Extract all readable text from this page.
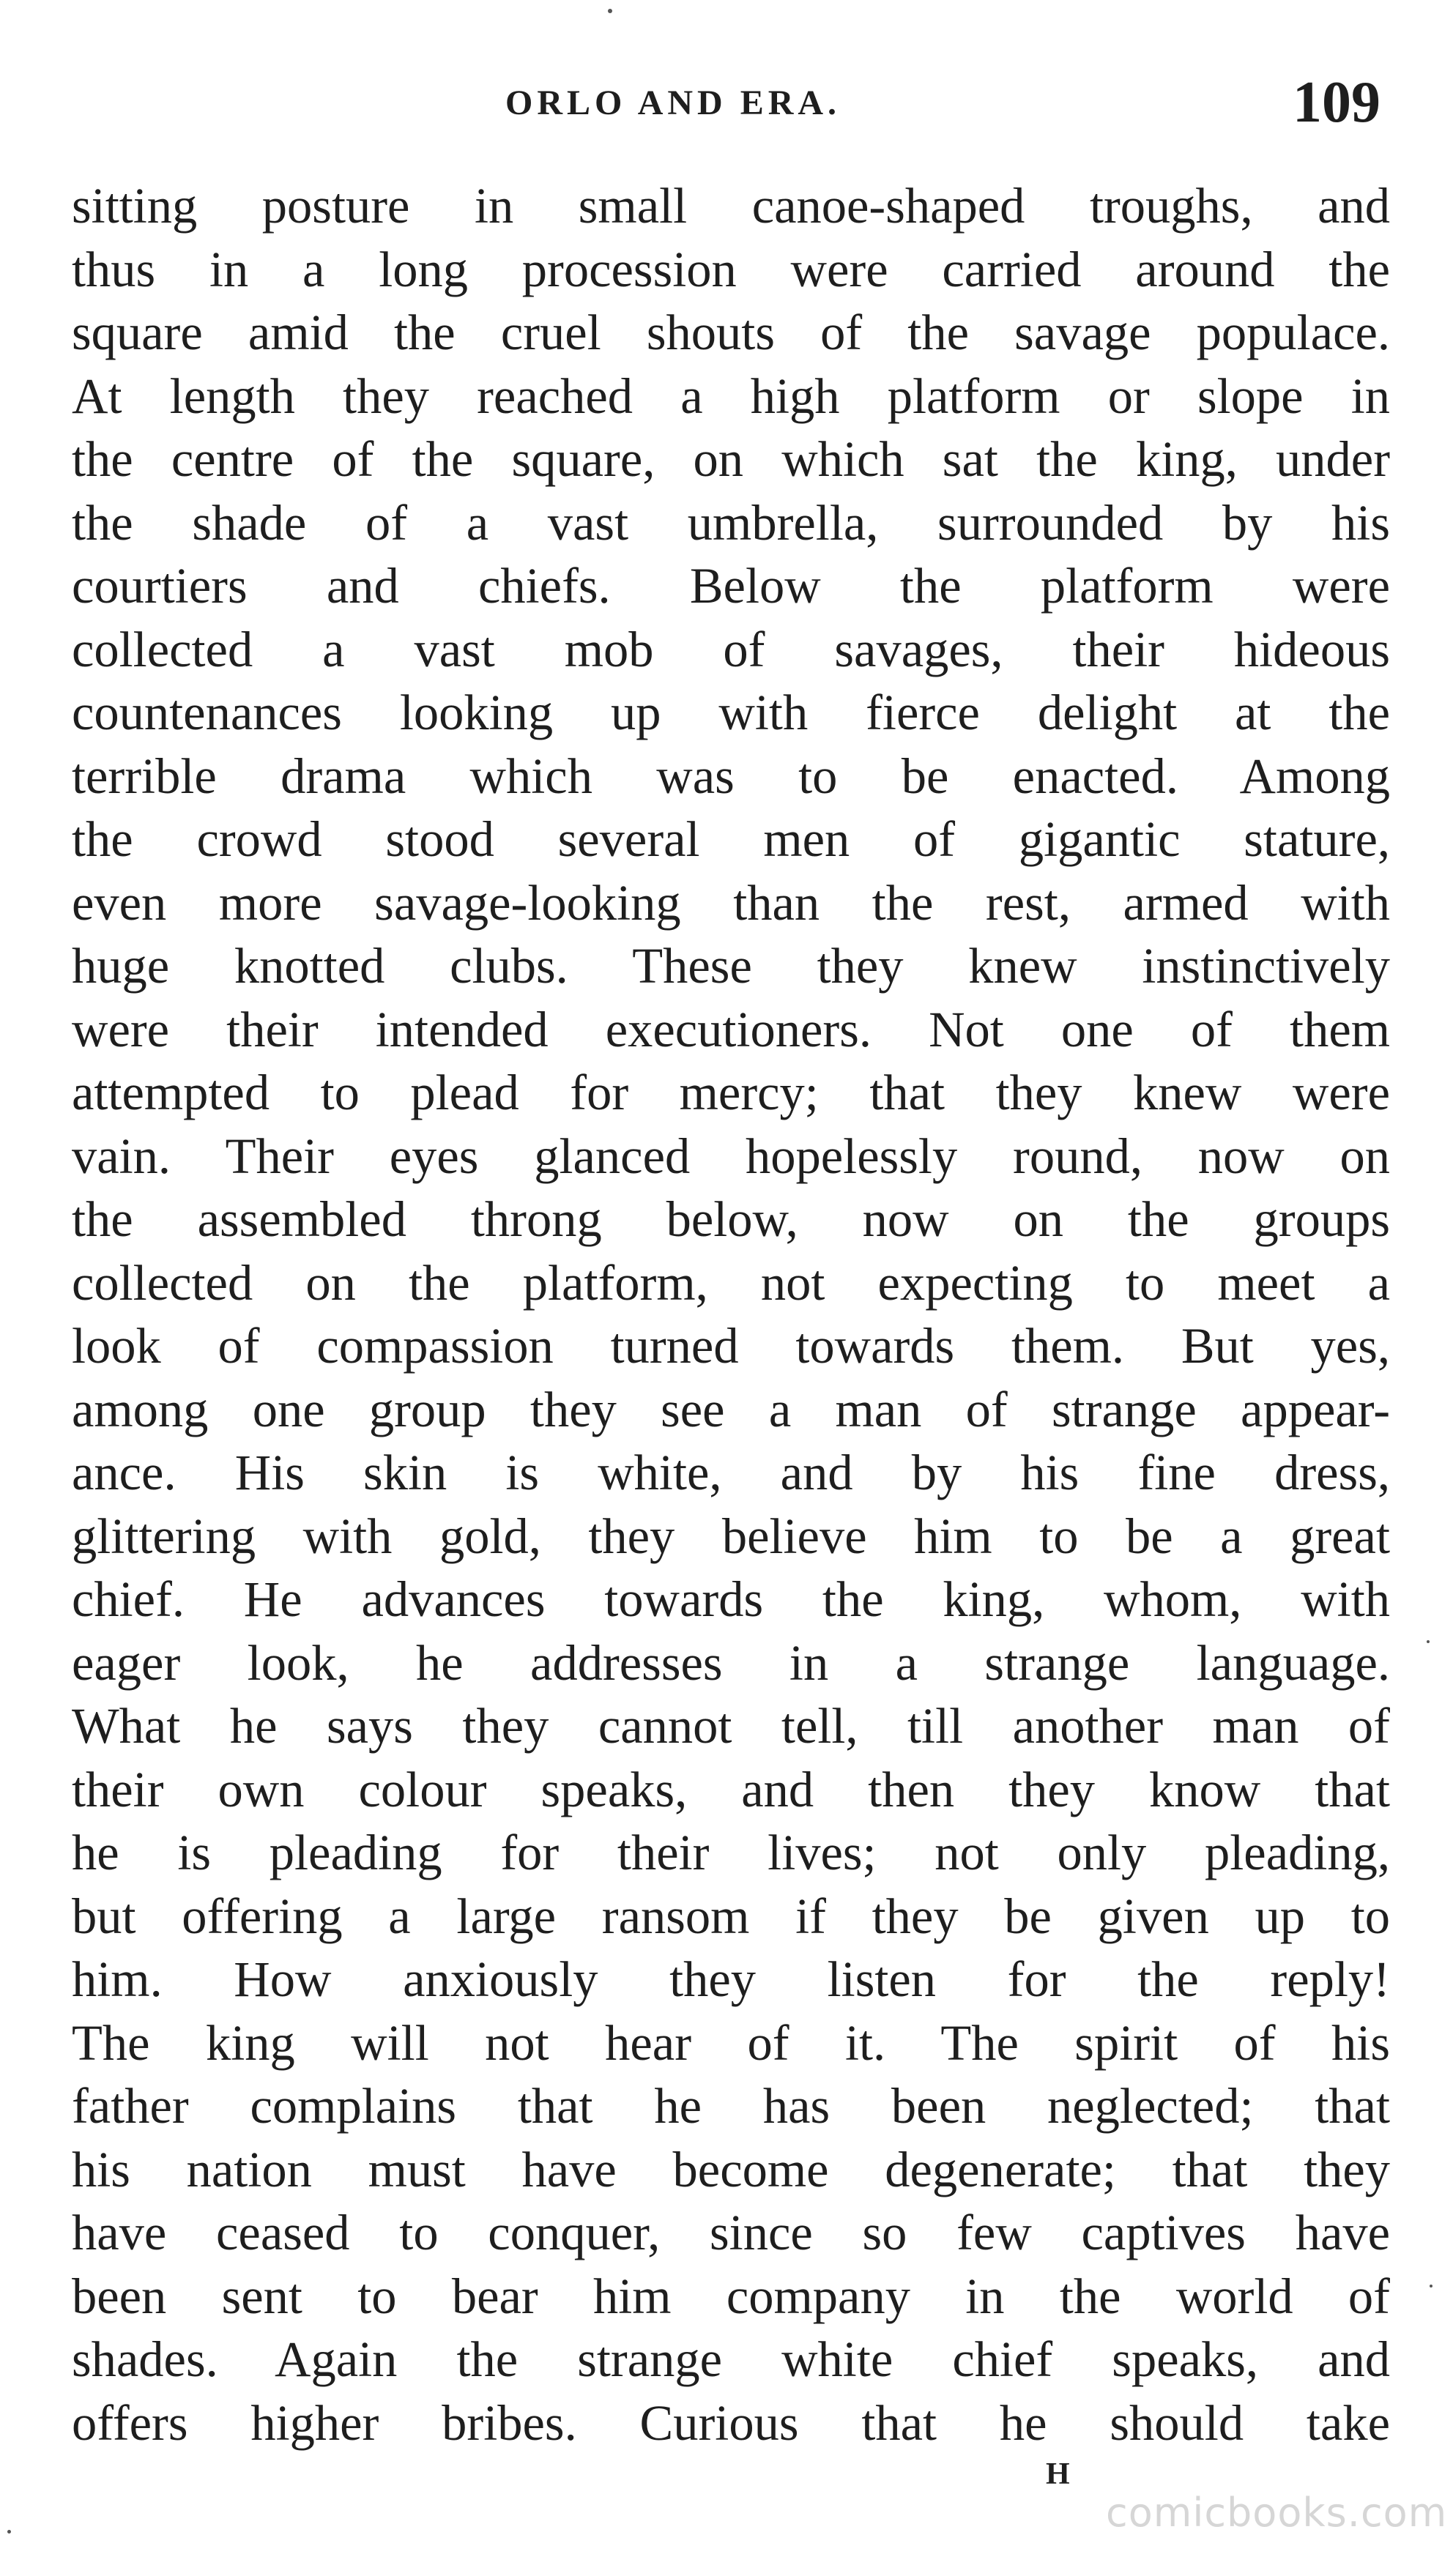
ORLO AND ERA.	109
sitting posture in small canoe-shaped troughs, and
thus in a long procession were carried around the
square amid the cruel shouts of the savage populace.
At length they reached a high platform or slope in
the centre of the square, on which sat the king, under
the shade of a vast umbrella, surrounded by his
courtiers and chiefs. Below the platform were
collected a vast mob of savages, their hideous
countenances looking up with fierce delight at the
terrible drama which was to be enacted. Among
the crowd stood several men of gigantic stature,
even more savage-looking than the rest, armed with
huge knotted clubs. These they knew instinctively
were their intended executioners. Not one of them
attempted to plead for mercy; that they knew were
vain. Their eyes glanced hopelessly round, now on
the assembled throng below, now on the groups
collected on the platform, not expecting to meet a
look of compassion turned towards them. But yes,
among one group they see a man of strange appear-
ance. His skin is white, and by his fine dress,
glittering with gold, they believe him to be a great
chief. He advances towards the king, whom, with
eager look, he addresses in a strange language.
What he says they cannot tell, till another man of
their own colour speaks, and then they know that
he is pleading for their lives; not only pleading,
but offering a large ransom if they be given up to
him. How anxiously they listen for the reply!
The king will not hear of it. The spirit of his
father complains that he has been neglected; that
his nation must have become degenerate; that they
have ceased to conquer, since so few captives have
been sent to bear him company in the world of
shades. Again the strange white chief speaks, and
offers higher bribes. Curious that he should take
H
comicbooks.com
